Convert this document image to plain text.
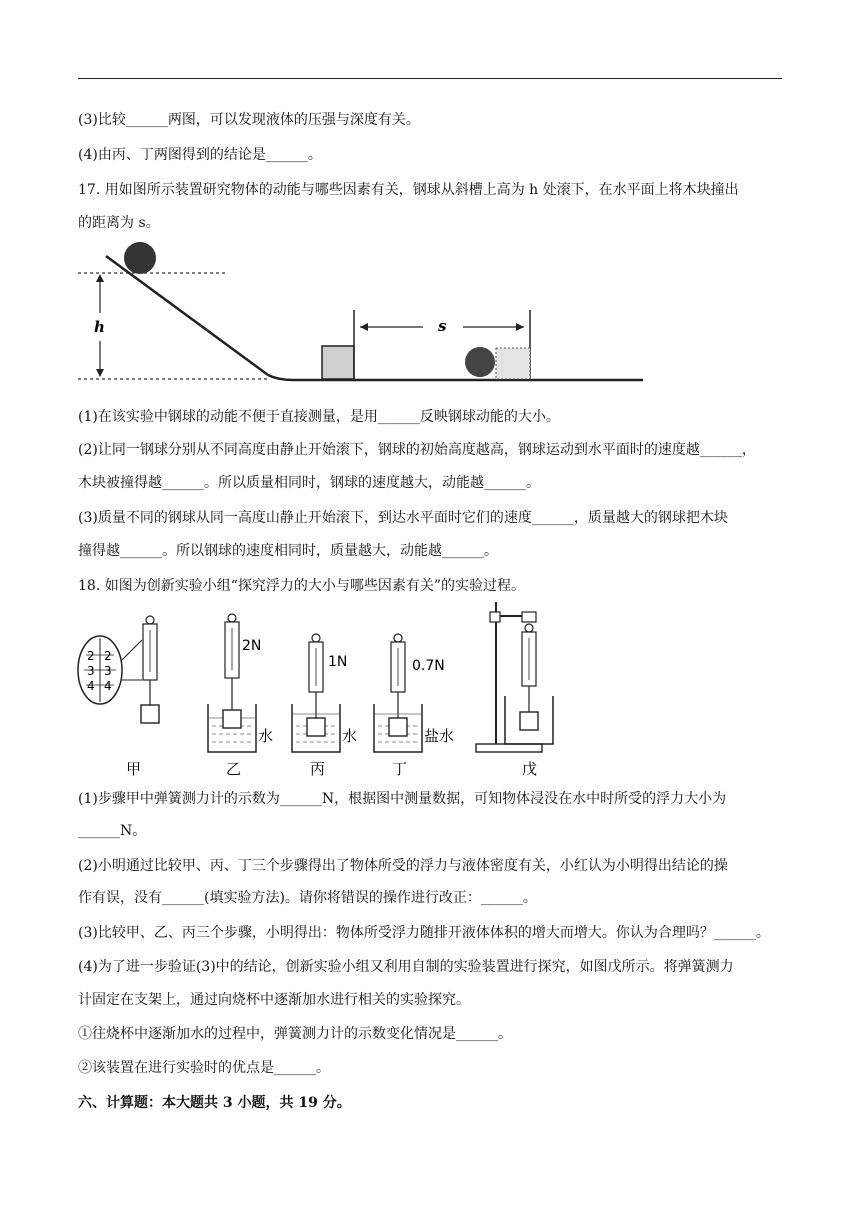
(3)比较______两图，可以发现液体的压强与深度有关。
(4)由丙、丁两图得到的结论是______。
17. 用如图所示装置研究物体的动能与哪些因素有关，钢球从斜槽上高为 h 处滚下，在水平面上将木块撞出
的距离为 s。
h	s
(1)在该实验中钢球的动能不便于直接测量，是用______反映钢球动能的大小。
(2)让同一钢球分别从不同高度由静止开始滚下，钢球的初始高度越高，钢球运动到水平面时的速度越______，
木块被撞得越______。所以质量相同时，钢球的速度越大，动能越______。
(3)质量不同的钢球从同一高度山静止开始滚下，到达水平面时它们的速度______，质量越大的钢球把木块
撞得越______。所以钢球的速度相同时，质量越大，动能越______。
18. 如图为创新实验小组“探究浮力的大小与哪些因素有关”的实验过程。
2 2
3 3
4 4
2N
水
1N
水
0.7N
盐水
甲	乙	丙	丁	戊
(1)步骤甲中弹簧测力计的示数为______N，根据图中测量数据，可知物体浸没在水中时所受的浮力大小为
______N。
(2)小明通过比较甲、丙、丁三个步骤得出了物体所受的浮力与液体密度有关，小红认为小明得出结论的操
作有误，没有______(填实验方法)。请你将错误的操作进行改正：______。
(3)比较甲、乙、丙三个步骤，小明得出：物体所受浮力随排开液体体积的增大而增大。你认为合理吗？______。
(4)为了进一步验证(3)中的结论，创新实验小组又利用自制的实验装置进行探究，如图戊所示。将弹簧测力
计固定在支架上，通过向烧杯中逐渐加水进行相关的实验探究。
①往烧杯中逐渐加水的过程中，弹簧测力计的示数变化情况是______。
②该装置在进行实验时的优点是______。
六、计算题：本大题共 3 小题，共 19 分。
